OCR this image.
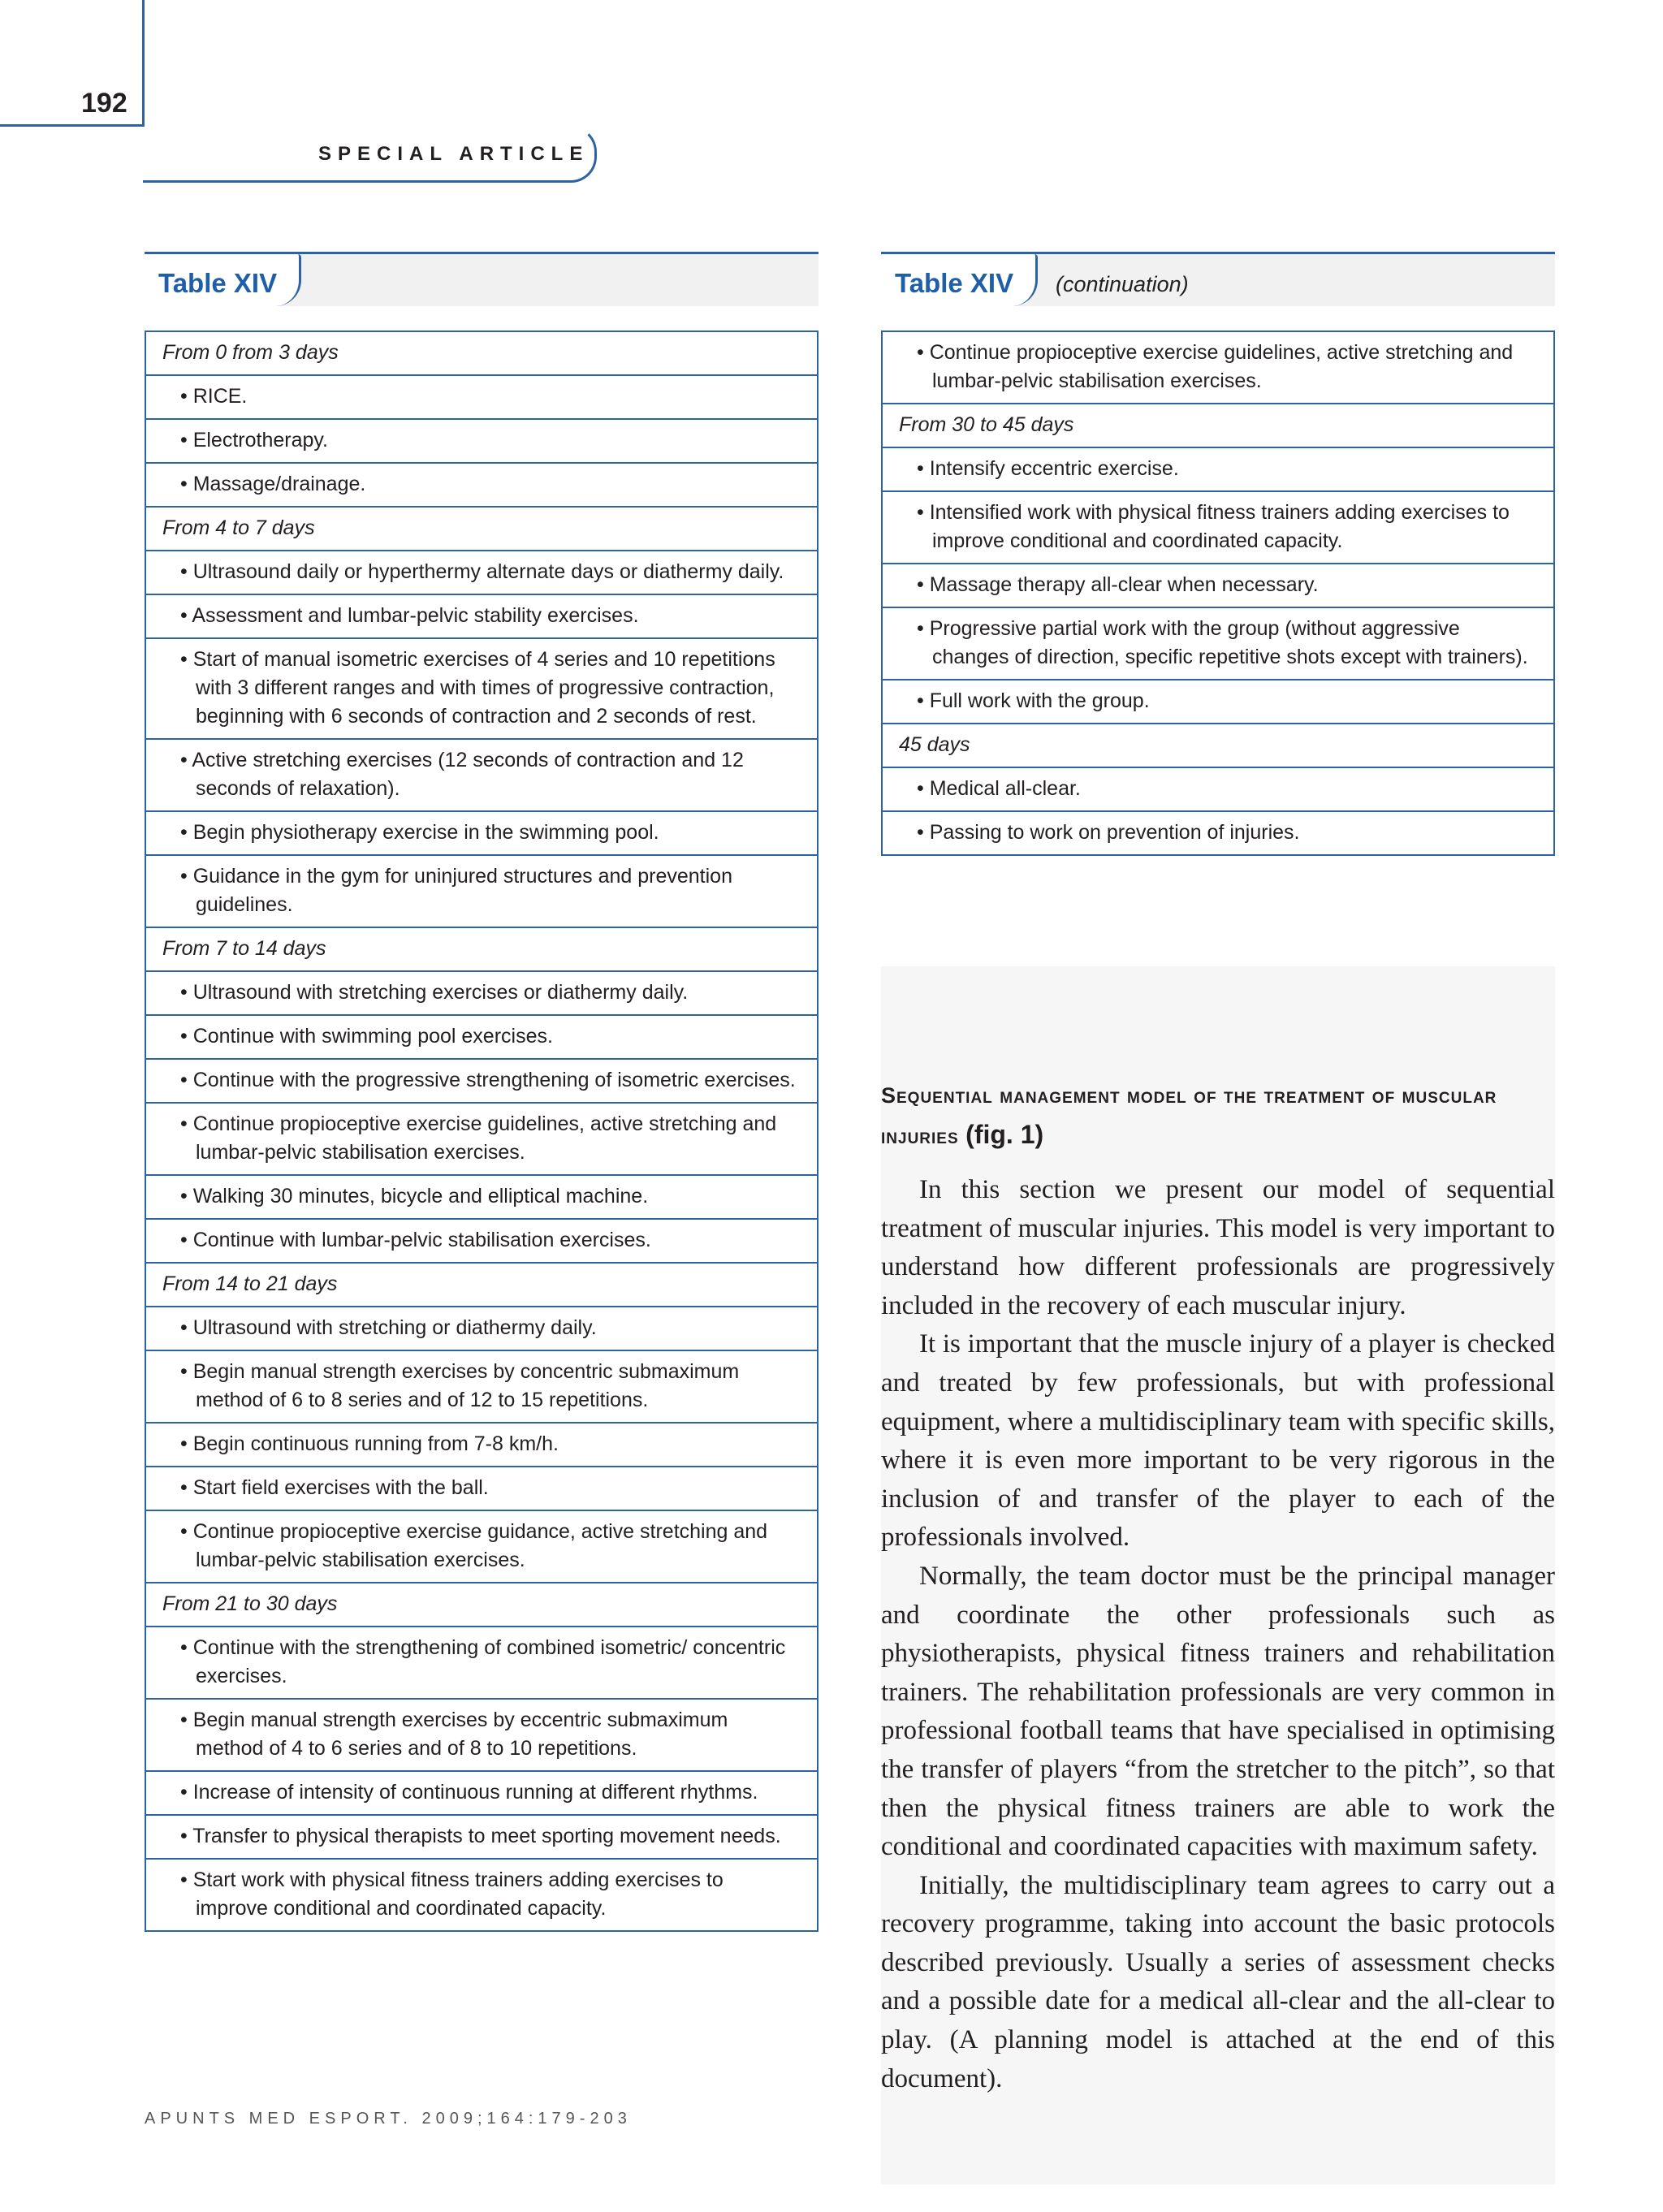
192
SPECIAL ARTICLE
Table XIV
From 0 from 3 days

• RICE.

• Electrotherapy.

• Massage/drainage.

From 4 to 7 days

• Ultrasound daily or hyperthermy alternate days or diathermy daily.

• Assessment and lumbar-pelvic stability exercises.

• Start of manual isometric exercises of 4 series and 10 repetitions with 3 different ranges and with times of progressive contraction, beginning with 6 seconds of contraction and 2 seconds of rest.

• Active stretching exercises (12 seconds of contraction and 12 seconds of relaxation).

• Begin physiotherapy exercise in the swimming pool.

• Guidance in the gym for uninjured structures and prevention guidelines.

From 7 to 14 days

• Ultrasound with stretching exercises or diathermy daily.

• Continue with swimming pool exercises.

• Continue with the progressive strengthening of isometric exercises.

• Continue propioceptive exercise guidelines, active stretching and lumbar-pelvic stabilisation exercises.

• Walking 30 minutes, bicycle and elliptical machine.

• Continue with lumbar-pelvic stabilisation exercises.

From 14 to 21 days

• Ultrasound with stretching or diathermy daily.

• Begin manual strength exercises by concentric submaximum method of 6 to 8 series and of 12 to 15 repetitions.

• Begin continuous running from 7-8 km/h.

• Start field exercises with the ball.

• Continue propioceptive exercise guidance, active stretching and lumbar-pelvic stabilisation exercises.

From 21 to 30 days

• Continue with the strengthening of combined isometric/ concentric exercises.

• Begin manual strength exercises by eccentric submaximum method of 4 to 6 series and of 8 to 10 repetitions.

• Increase of intensity of continuous running at different rhythms.

• Transfer to physical therapists to meet sporting movement needs.

• Start work with physical fitness trainers adding exercises to improve conditional and coordinated capacity.
Table XIV (continuation)
• Continue propioceptive exercise guidelines, active stretching and lumbar-pelvic stabilisation exercises.

From 30 to 45 days

• Intensify eccentric exercise.

• Intensified work with physical fitness trainers adding exercises to improve conditional and coordinated capacity.

• Massage therapy all-clear when necessary.

• Progressive partial work with the group (without aggressive changes of direction, specific repetitive shots except with trainers).

• Full work with the group.

45 days

• Medical all-clear.

• Passing to work on prevention of injuries.
Sequential management model of the treatment of muscular injuries (fig. 1)

In this section we present our model of sequential treatment of muscular injuries. This model is very important to understand how different professionals are progressively included in the recovery of each muscular injury.

It is important that the muscle injury of a player is checked and treated by few professionals, but with professional equipment, where a multidisciplinary team with specific skills, where it is even more important to be very rigorous in the inclusion of and transfer of the player to each of the professionals involved.

Normally, the team doctor must be the principal manager and coordinate the other professionals such as physiotherapists, physical fitness trainers and rehabilitation trainers. The rehabilitation professionals are very common in professional football teams that have specialised in optimising the transfer of players “from the stretcher to the pitch”, so that then the physical fitness trainers are able to work the conditional and coordinated capacities with maximum safety.

Initially, the multidisciplinary team agrees to carry out a recovery programme, taking into account the basic protocols described previously. Usually a series of assessment checks and a possible date for a medical all-clear and the all-clear to play. (A planning model is attached at the end of this document).

APUNTS MED ESPORT. 2009;164:179-203
